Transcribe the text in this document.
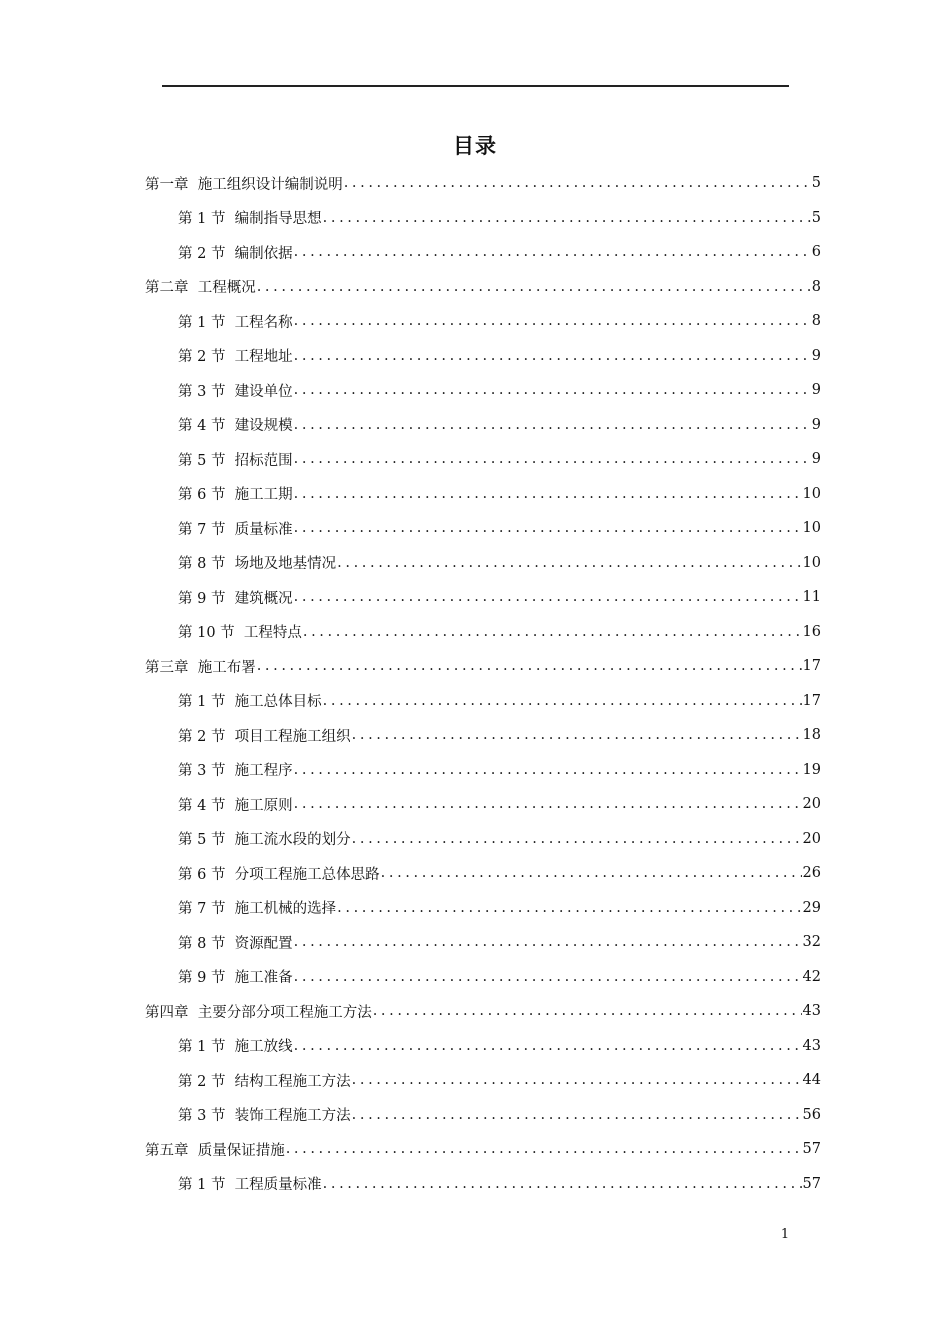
目录
第一章  施工组织设计编制说明 .....	5
第 1 节  编制指导思想 .....	5
第 2 节  编制依据 .....	6
第二章  工程概况 .....	8
第 1 节  工程名称 .....	8
第 2 节  工程地址 .....	9
第 3 节  建设单位 .....	9
第 4 节  建设规模 .....	9
第 5 节  招标范围 .....	9
第 6 节  施工工期 .....	10
第 7 节  质量标准 .....	10
第 8 节  场地及地基情况 .....	10
第 9 节  建筑概况 .....	11
第 10 节  工程特点 .....	16
第三章  施工布署 .....	17
第 1 节  施工总体目标 .....	17
第 2 节  项目工程施工组织 .....	18
第 3 节  施工程序 .....	19
第 4 节  施工原则 .....	20
第 5 节  施工流水段的划分 .....	20
第 6 节  分项工程施工总体思路 .....	26
第 7 节  施工机械的选择 .....	29
第 8 节  资源配置 .....	32
第 9 节  施工准备 .....	42
第四章  主要分部分项工程施工方法 .....	43
第 1 节  施工放线 .....	43
第 2 节  结构工程施工方法 .....	44
第 3 节  装饰工程施工方法 .....	56
第五章  质量保证措施 .....	57
第 1 节  工程质量标准 .....	57
1
